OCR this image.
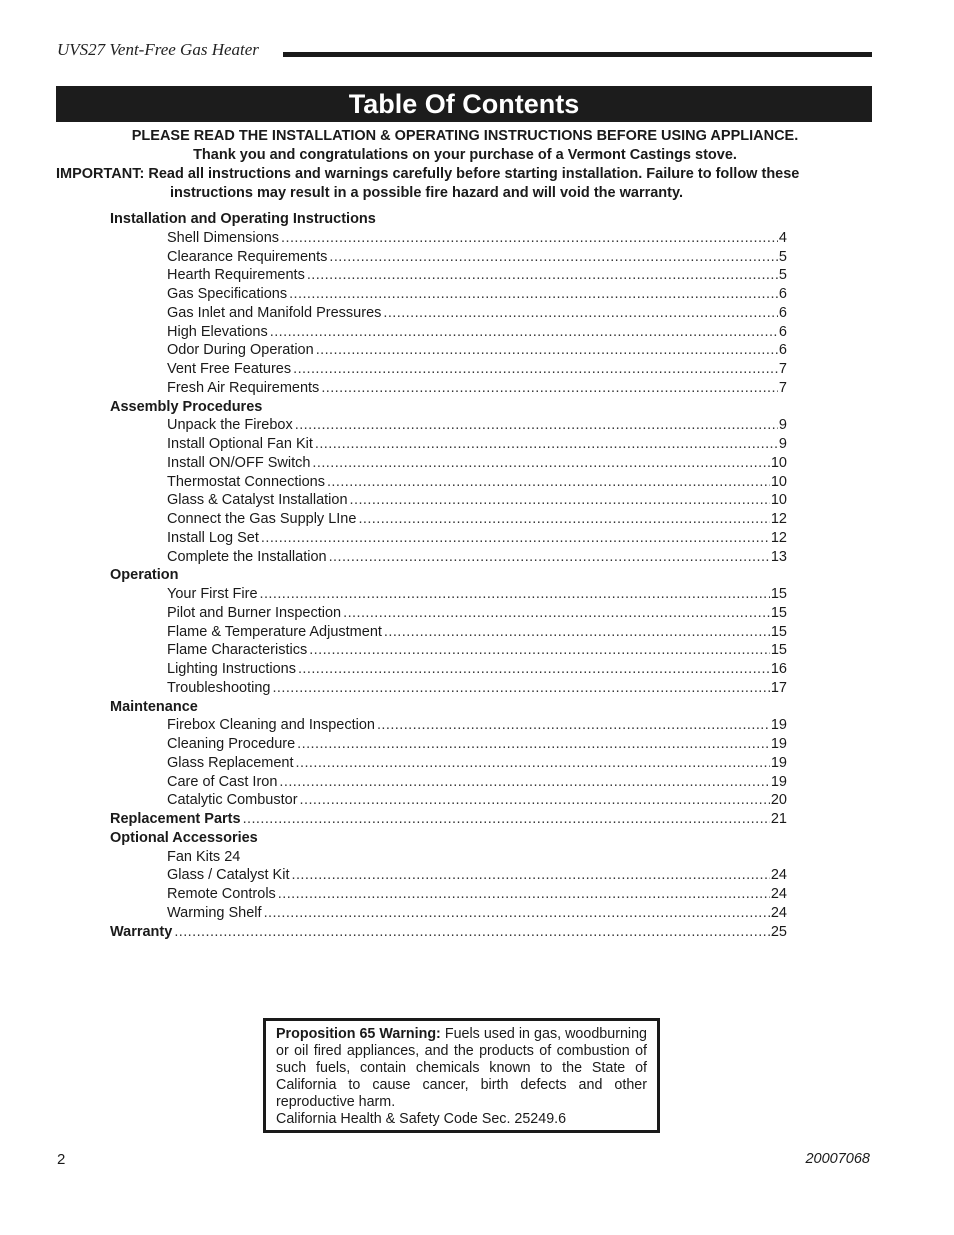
UVS27 Vent-Free Gas Heater
Table Of Contents
PLEASE READ THE INSTALLATION & OPERATING INSTRUCTIONS BEFORE USING APPLIANCE.
Thank you and congratulations on your purchase of a Vermont Castings stove.
IMPORTANT: Read all instructions and warnings carefully before starting installation. Failure to follow these
instructions may result in a possible fire hazard and will void the warranty.
Installation and Operating Instructions
Shell Dimensions . . .	4
Clearance Requirements . . .	5
Hearth Requirements . . .	5
Gas Specifications . . .	6
Gas Inlet and Manifold Pressures . . .	6
High Elevations . . .	6
Odor During Operation . . .	6
Vent Free Features . . .	7
Fresh Air Requirements . . .	7
Assembly Procedures
Unpack the Firebox . . .	9
Install Optional Fan Kit . . .	9
Install ON/OFF Switch . . .	10
Thermostat Connections . . .	10
Glass & Catalyst Installation . . .	10
Connect the Gas Supply LIne . . .	12
Install Log Set . . .	12
Complete the Installation . . .	13
Operation
Your First Fire . . .	15
Pilot and Burner Inspection . . .	15
Flame & Temperature Adjustment . . .	15
Flame Characteristics . . .	15
Lighting Instructions . . .	16
Troubleshooting . . .	17
Maintenance
Firebox Cleaning and Inspection . . .	19
Cleaning Procedure . . .	19
Glass Replacement . . .	19
Care of Cast Iron . . .	19
Catalytic Combustor . . .	20
Replacement Parts . . .	21
Optional Accessories
Fan Kits 24
Glass / Catalyst Kit . . .	24
Remote Controls . . .	24
Warming Shelf . . .	24
Warranty . . .	25
Proposition 65 Warning: Fuels used in gas, woodburning or oil fired appliances, and the products of combustion of such fuels, contain chemicals known to the State of California to cause cancer, birth defects and other reproductive harm.
California Health & Safety Code Sec. 25249.6
2	20007068
